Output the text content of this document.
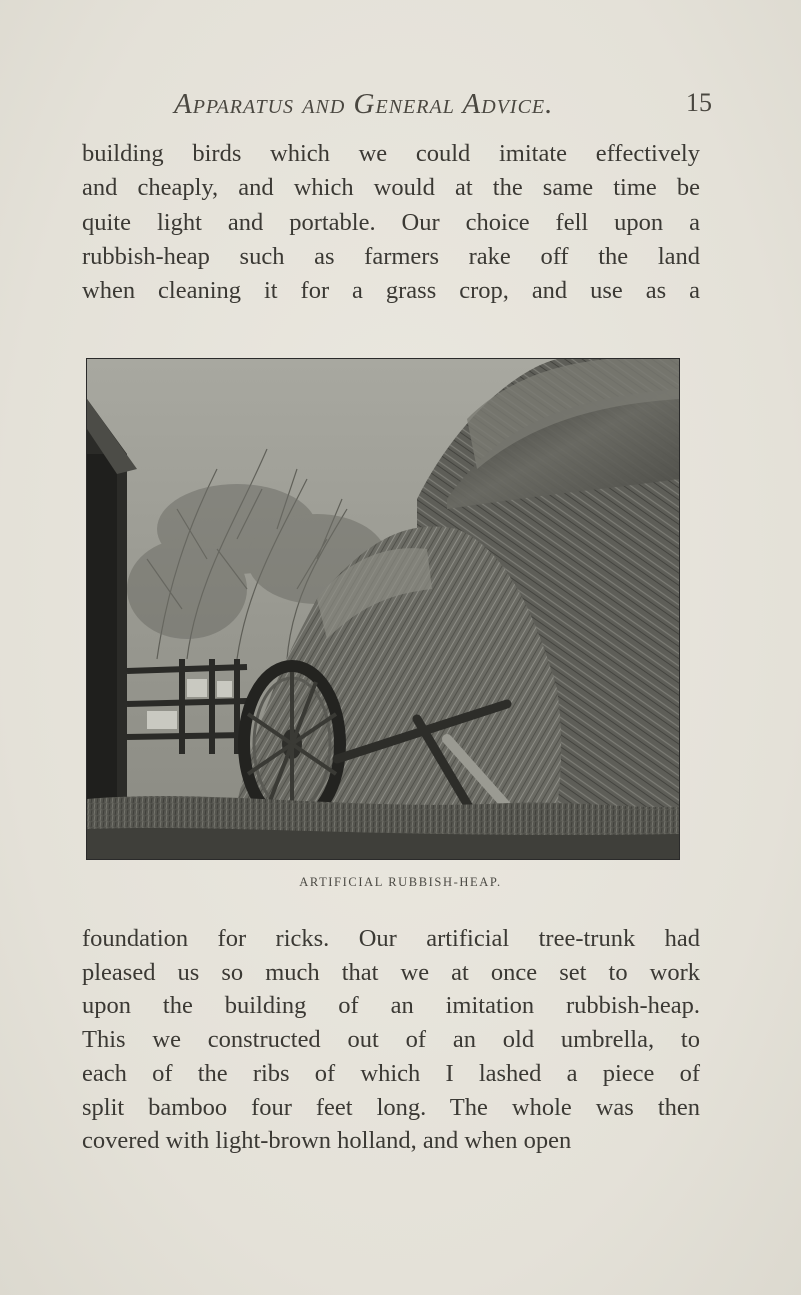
Apparatus and General Advice.	15
building birds which we could imitate effectively
and cheaply, and which would at the same time be
quite light and portable. Our choice fell upon a
rubbish-heap such as farmers rake off the land
when cleaning it for a grass crop, and use as a
ARTIFICIAL RUBBISH-HEAP.
foundation for ricks. Our artificial tree-trunk had
pleased us so much that we at once set to work
upon the building of an imitation rubbish-heap.
This we constructed out of an old umbrella, to
each of the ribs of which I lashed a piece of
split bamboo four feet long. The whole was then
covered with light-brown holland, and when open
